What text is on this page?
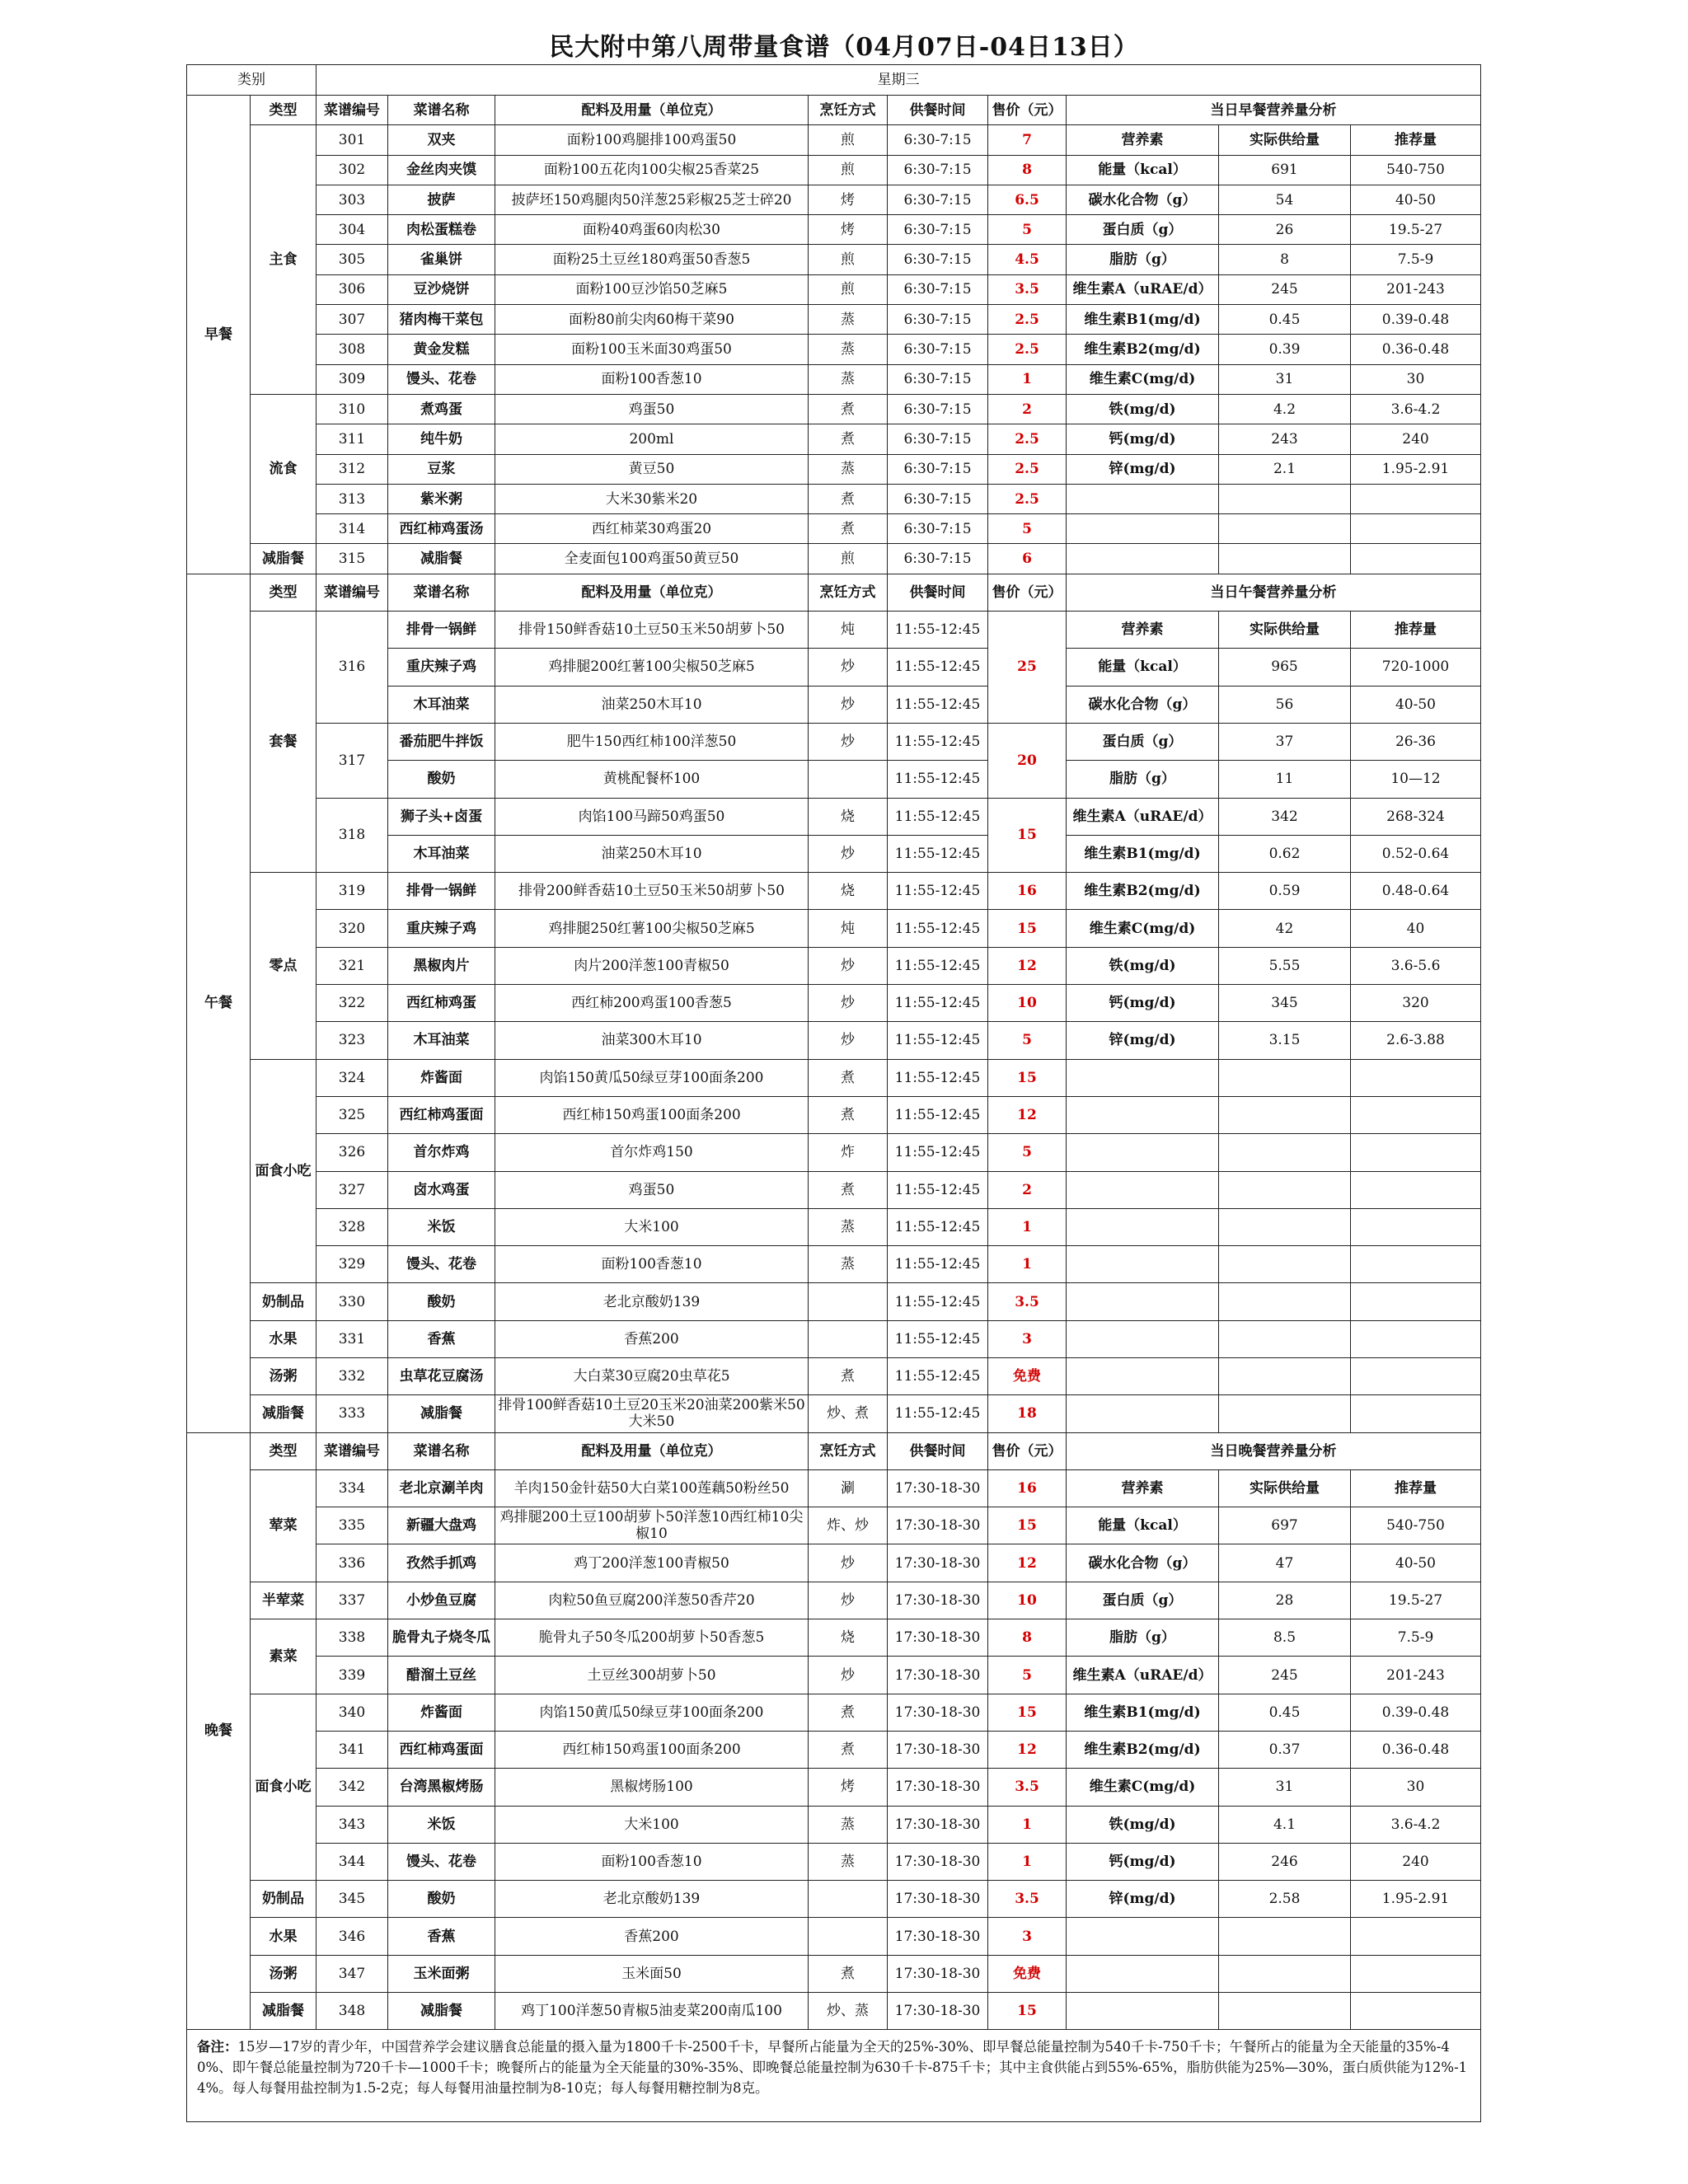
民大附中第八周带量食谱（04月07日-04日13日）
类别		星期三								
早餐	类型	菜谱编号	菜谱名称	配料及用量（单位克）	烹饪方式	供餐时间	售价（元）	当日早餐营养量分析		
	主食	301	双夹	面粉100鸡腿排100鸡蛋50	煎	6:30-7:15	7	营养素	实际供给量	推荐量
		302	金丝肉夹馍	面粉100五花肉100尖椒25香菜25	煎	6:30-7:15	8	能量（kcal）	691	540-750
		303	披萨	披萨坯150鸡腿肉50洋葱25彩椒25芝士碎20	烤	6:30-7:15	6.5	碳水化合物（g）	54	40-50
		304	肉松蛋糕卷	面粉40鸡蛋60肉松30	烤	6:30-7:15	5	蛋白质（g）	26	19.5-27
		305	雀巢饼	面粉25土豆丝180鸡蛋50香葱5	煎	6:30-7:15	4.5	脂肪（g）	8	7.5-9
		306	豆沙烧饼	面粉100豆沙馅50芝麻5	煎	6:30-7:15	3.5	维生素A（uRAE/d）	245	201-243
		307	猪肉梅干菜包	面粉80前尖肉60梅干菜90	蒸	6:30-7:15	2.5	维生素B1(mg/d)	0.45	0.39-0.48
		308	黄金发糕	面粉100玉米面30鸡蛋50	蒸	6:30-7:15	2.5	维生素B2(mg/d)	0.39	0.36-0.48
		309	馒头、花卷	面粉100香葱10	蒸	6:30-7:15	1	维生素C(mg/d)	31	30
	流食	310	煮鸡蛋	鸡蛋50	煮	6:30-7:15	2	铁(mg/d)	4.2	3.6-4.2
		311	纯牛奶	200ml	煮	6:30-7:15	2.5	钙(mg/d)	243	240
		312	豆浆	黄豆50	蒸	6:30-7:15	2.5	锌(mg/d)	2.1	1.95-2.91
		313	紫米粥	大米30紫米20	煮	6:30-7:15	2.5			
		314	西红柿鸡蛋汤	西红柿菜30鸡蛋20	煮	6:30-7:15	5			
	减脂餐	315	减脂餐	全麦面包100鸡蛋50黄豆50	煎	6:30-7:15	6			
午餐	类型	菜谱编号	菜谱名称	配料及用量（单位克）	烹饪方式	供餐时间	售价（元）	当日午餐营养量分析		
	套餐	316	排骨一锅鲜	排骨150鲜香菇10土豆50玉米50胡萝卜50	炖	11:55-12:45	25	营养素	实际供给量	推荐量
			重庆辣子鸡	鸡排腿200红薯100尖椒50芝麻5	炒	11:55-12:45		能量（kcal）	965	720-1000
			木耳油菜	油菜250木耳10	炒	11:55-12:45		碳水化合物（g）	56	40-50
		317	番茄肥牛拌饭	肥牛150西红柿100洋葱50	炒	11:55-12:45	20	蛋白质（g）	37	26-36
			酸奶	黄桃配餐杯100		11:55-12:45		脂肪（g）	11	10—12
		318	狮子头+卤蛋	肉馅100马蹄50鸡蛋50	烧	11:55-12:45	15	维生素A（uRAE/d）	342	268-324
			木耳油菜	油菜250木耳10	炒	11:55-12:45		维生素B1(mg/d)	0.62	0.52-0.64
	零点	319	排骨一锅鲜	排骨200鲜香菇10土豆50玉米50胡萝卜50	烧	11:55-12:45	16	维生素B2(mg/d)	0.59	0.48-0.64
		320	重庆辣子鸡	鸡排腿250红薯100尖椒50芝麻5	炖	11:55-12:45	15	维生素C(mg/d)	42	40
		321	黑椒肉片	肉片200洋葱100青椒50	炒	11:55-12:45	12	铁(mg/d)	5.55	3.6-5.6
		322	西红柿鸡蛋	西红柿200鸡蛋100香葱5	炒	11:55-12:45	10	钙(mg/d)	345	320
		323	木耳油菜	油菜300木耳10	炒	11:55-12:45	5	锌(mg/d)	3.15	2.6-3.88
	面食小吃	324	炸酱面	肉馅150黄瓜50绿豆芽100面条200	煮	11:55-12:45	15			
		325	西红柿鸡蛋面	西红柿150鸡蛋100面条200	煮	11:55-12:45	12			
		326	首尔炸鸡	首尔炸鸡150	炸	11:55-12:45	5			
		327	卤水鸡蛋	鸡蛋50	煮	11:55-12:45	2			
		328	米饭	大米100	蒸	11:55-12:45	1			
		329	馒头、花卷	面粉100香葱10	蒸	11:55-12:45	1			
	奶制品	330	酸奶	老北京酸奶139		11:55-12:45	3.5			
	水果	331	香蕉	香蕉200		11:55-12:45	3			
	汤粥	332	虫草花豆腐汤	大白菜30豆腐20虫草花5	煮	11:55-12:45	免费			
	减脂餐	333	减脂餐	排骨100鲜香菇10土豆20玉米20油菜200紫米50大米50	炒、煮	11:55-12:45	18			
晚餐	类型	菜谱编号	菜谱名称	配料及用量（单位克）	烹饪方式	供餐时间	售价（元）	当日晚餐营养量分析		
	荤菜	334	老北京涮羊肉	羊肉150金针菇50大白菜100莲藕50粉丝50	涮	17:30-18-30	16	营养素	实际供给量	推荐量
		335	新疆大盘鸡	鸡排腿200土豆100胡萝卜50洋葱10西红柿10尖椒10	炸、炒	17:30-18-30	15	能量（kcal）	697	540-750
		336	孜然手抓鸡	鸡丁200洋葱100青椒50	炒	17:30-18-30	12	碳水化合物（g）	47	40-50
	半荤菜	337	小炒鱼豆腐	肉粒50鱼豆腐200洋葱50香芹20	炒	17:30-18-30	10	蛋白质（g）	28	19.5-27
	素菜	338	脆骨丸子烧冬瓜	脆骨丸子50冬瓜200胡萝卜50香葱5	烧	17:30-18-30	8	脂肪（g）	8.5	7.5-9
		339	醋溜土豆丝	土豆丝300胡萝卜50	炒	17:30-18-30	5	维生素A（uRAE/d）	245	201-243
	面食小吃	340	炸酱面	肉馅150黄瓜50绿豆芽100面条200	煮	17:30-18-30	15	维生素B1(mg/d)	0.45	0.39-0.48
		341	西红柿鸡蛋面	西红柿150鸡蛋100面条200	煮	17:30-18-30	12	维生素B2(mg/d)	0.37	0.36-0.48
		342	台湾黑椒烤肠	黑椒烤肠100	烤	17:30-18-30	3.5	维生素C(mg/d)	31	30
		343	米饭	大米100	蒸	17:30-18-30	1	铁(mg/d)	4.1	3.6-4.2
		344	馒头、花卷	面粉100香葱10	蒸	17:30-18-30	1	钙(mg/d)	246	240
	奶制品	345	酸奶	老北京酸奶139		17:30-18-30	3.5	锌(mg/d)	2.58	1.95-2.91
	水果	346	香蕉	香蕉200		17:30-18-30	3			
	汤粥	347	玉米面粥	玉米面50	煮	17:30-18-30	免费			
	减脂餐	348	减脂餐	鸡丁100洋葱50青椒5油麦菜200南瓜100	炒、蒸	17:30-18-30	15			
备注：15岁—17岁的青少年，中国营养学会建议膳食总能量的摄入量为1800千卡-2500千卡，早餐所占能量为全天的25%-30%、即早餐总能量控制为540千卡-750千卡；午餐所占的能量为全天能量的35%-40%、即午餐总能量控制为720千卡—1000千卡；晚餐所占的能量为全天能量的30%-35%、即晚餐总能量控制为630千卡-875千卡；其中主食供能占到55%-65%，脂肪供能为25%—30%，蛋白质供能为12%-14%。每人每餐用盐控制为1.5-2克；每人每餐用油量控制为8-10克；每人每餐用糖控制为8克。										
